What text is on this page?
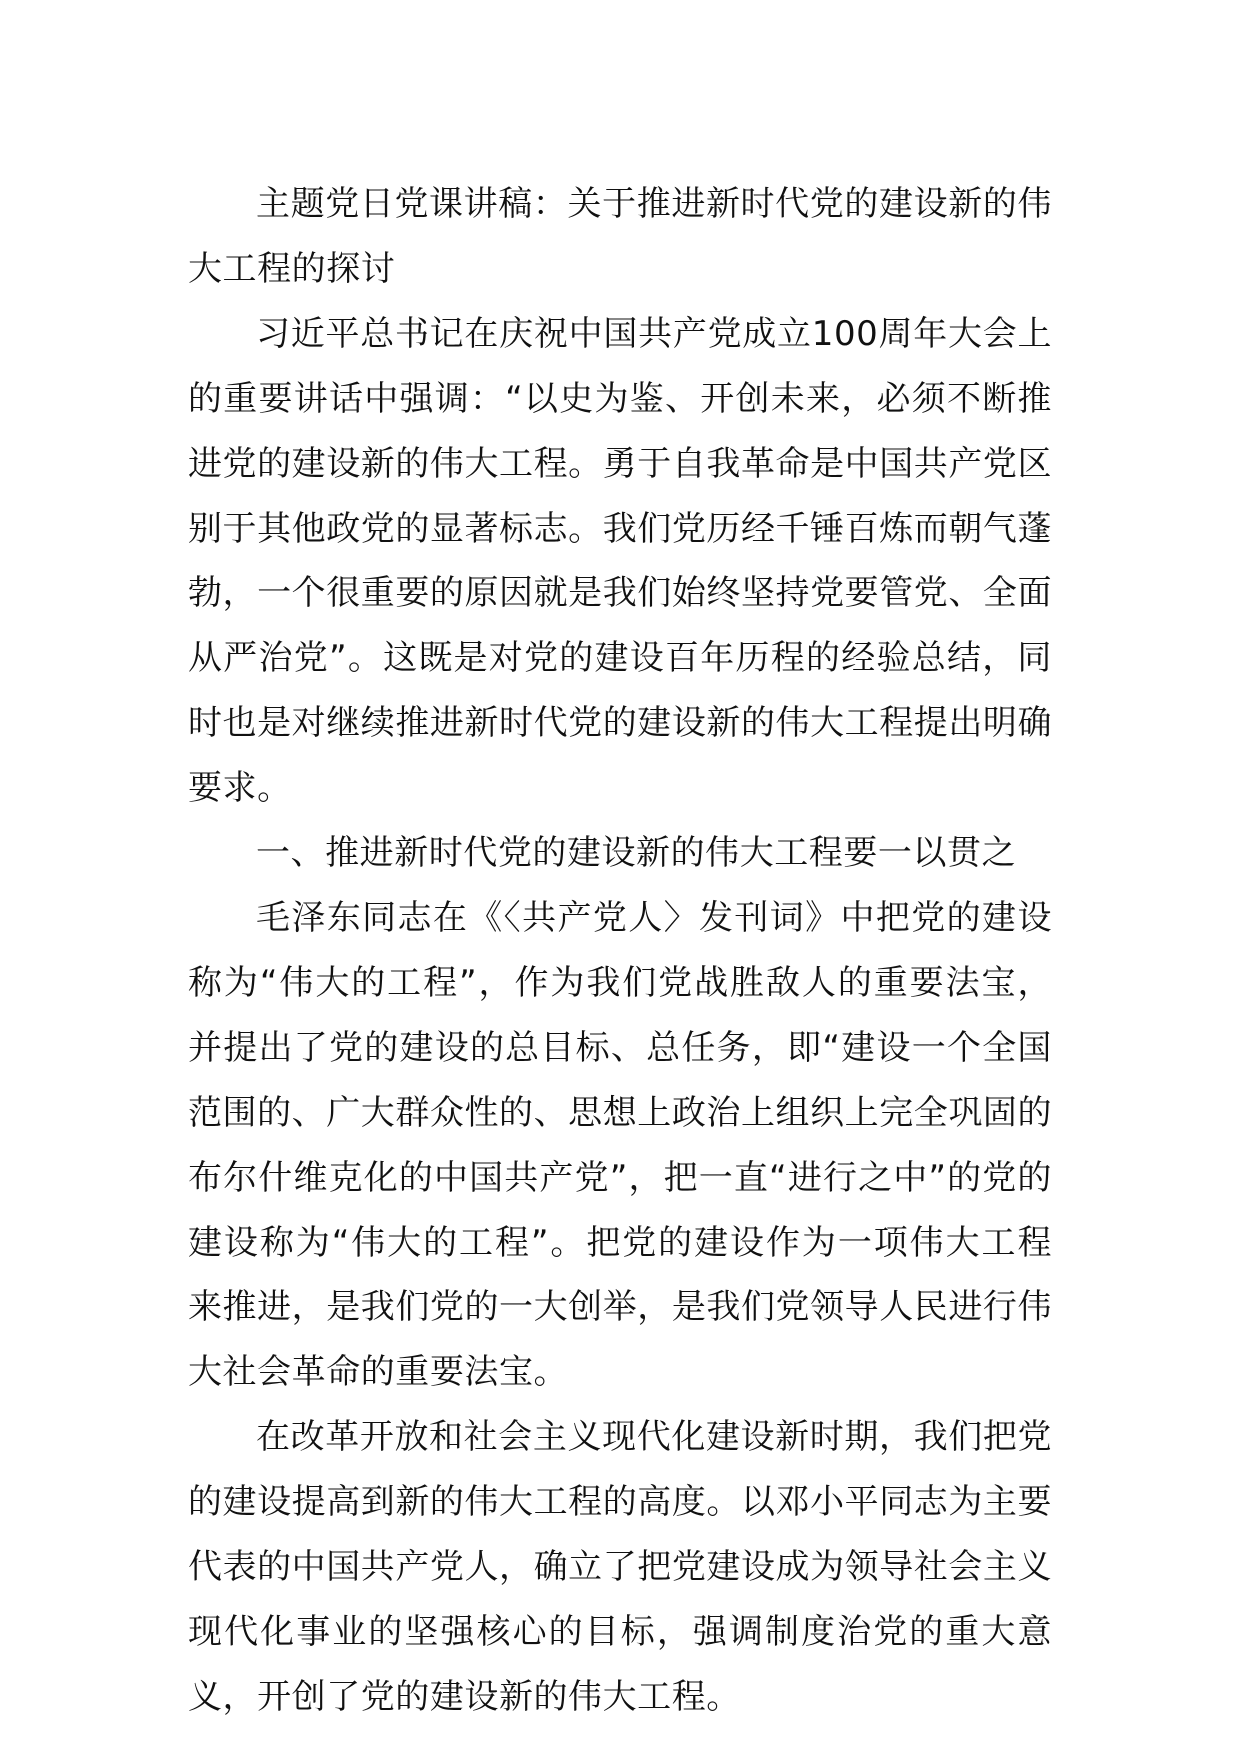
主题党日党课讲稿：关于推进新时代党的建设新的伟大工程的探讨

习近平总书记在庆祝中国共产党成立100周年大会上的重要讲话中强调：“以史为鉴、开创未来，必须不断推进党的建设新的伟大工程。勇于自我革命是中国共产党区别于其他政党的显著标志。我们党历经千锤百炼而朝气蓬勃，一个很重要的原因就是我们始终坚持党要管党、全面从严治党”。这既是对党的建设百年历程的经验总结，同时也是对继续推进新时代党的建设新的伟大工程提出明确要求。

一、推进新时代党的建设新的伟大工程要一以贯之

毛泽东同志在《〈共产党人〉发刊词》中把党的建设称为“伟大的工程”，作为我们党战胜敌人的重要法宝，并提出了党的建设的总目标、总任务，即“建设一个全国范围的、广大群众性的、思想上政治上组织上完全巩固的布尔什维克化的中国共产党”，把一直“进行之中”的党的建设称为“伟大的工程”。把党的建设作为一项伟大工程来推进，是我们党的一大创举，是我们党领导人民进行伟大社会革命的重要法宝。

在改革开放和社会主义现代化建设新时期，我们把党的建设提高到新的伟大工程的高度。以邓小平同志为主要代表的中国共产党人，确立了把党建设成为领导社会主义现代化事业的坚强核心的目标，强调制度治党的重大意义，开创了党的建设新的伟大工程。
